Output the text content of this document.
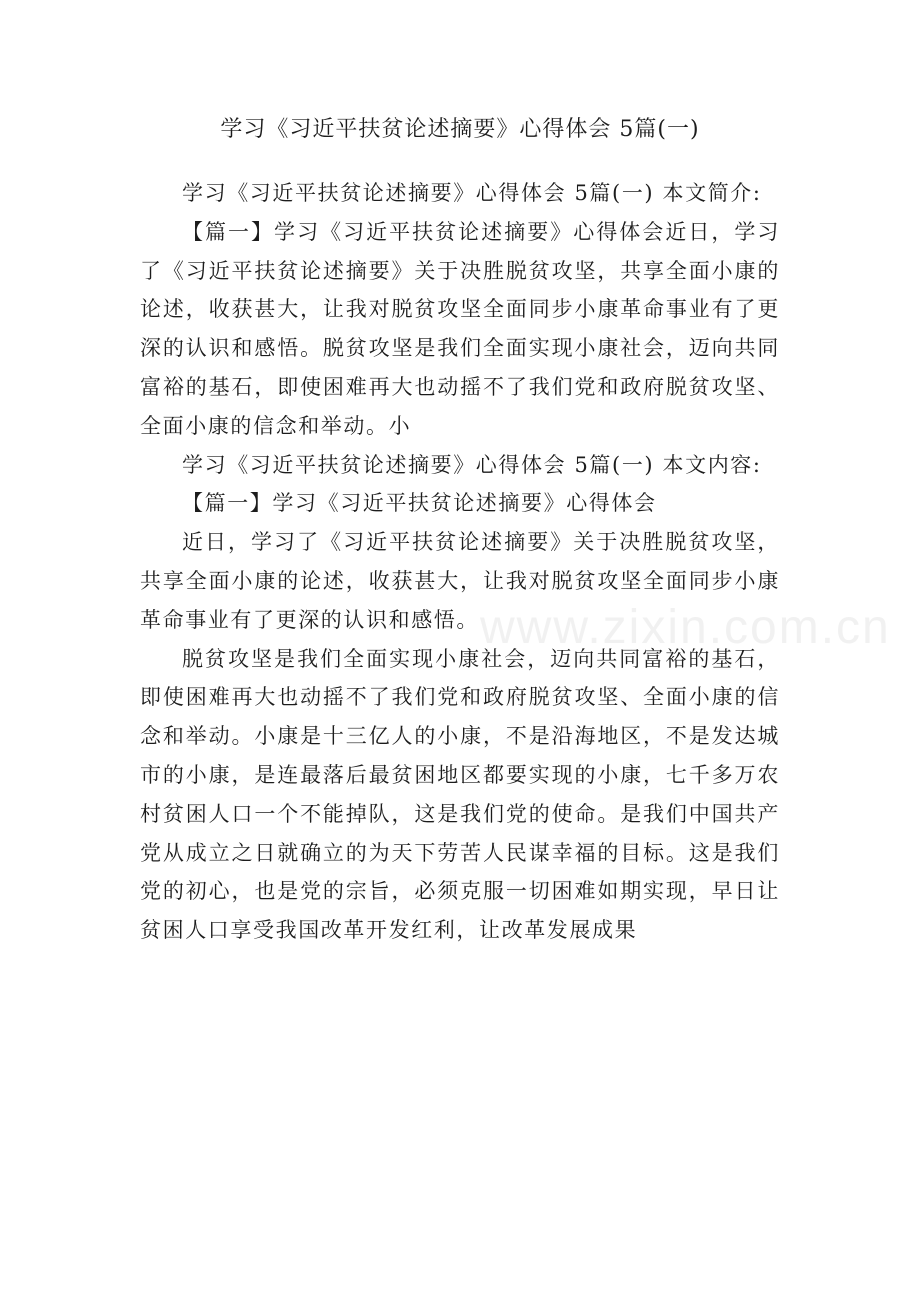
学习《习近平扶贫论述摘要》心得体会 5篇(一)

学习《习近平扶贫论述摘要》心得体会 5篇(一) 本文简介:

【篇一】学习《习近平扶贫论述摘要》心得体会近日，学习了《习近平扶贫论述摘要》关于决胜脱贫攻坚，共享全面小康的论述，收获甚大，让我对脱贫攻坚全面同步小康革命事业有了更深的认识和感悟。脱贫攻坚是我们全面实现小康社会，迈向共同富裕的基石，即使困难再大也动摇不了我们党和政府脱贫攻坚、全面小康的信念和举动。小

学习《习近平扶贫论述摘要》心得体会 5篇(一) 本文内容:

【篇一】学习《习近平扶贫论述摘要》心得体会

近日，学习了《习近平扶贫论述摘要》关于决胜脱贫攻坚，共享全面小康的论述，收获甚大，让我对脱贫攻坚全面同步小康革命事业有了更深的认识和感悟。

脱贫攻坚是我们全面实现小康社会，迈向共同富裕的基石，即使困难再大也动摇不了我们党和政府脱贫攻坚、全面小康的信念和举动。小康是十三亿人的小康，不是沿海地区，不是发达城市的小康，是连最落后最贫困地区都要实现的小康，七千多万农村贫困人口一个不能掉队，这是我们党的使命。是我们中国共产党从成立之日就确立的为天下劳苦人民谋幸福的目标。这是我们党的初心，也是党的宗旨，必须克服一切困难如期实现，早日让贫困人口享受我国改革开发红利，让改革发展成果

www.zixin.com.cn
